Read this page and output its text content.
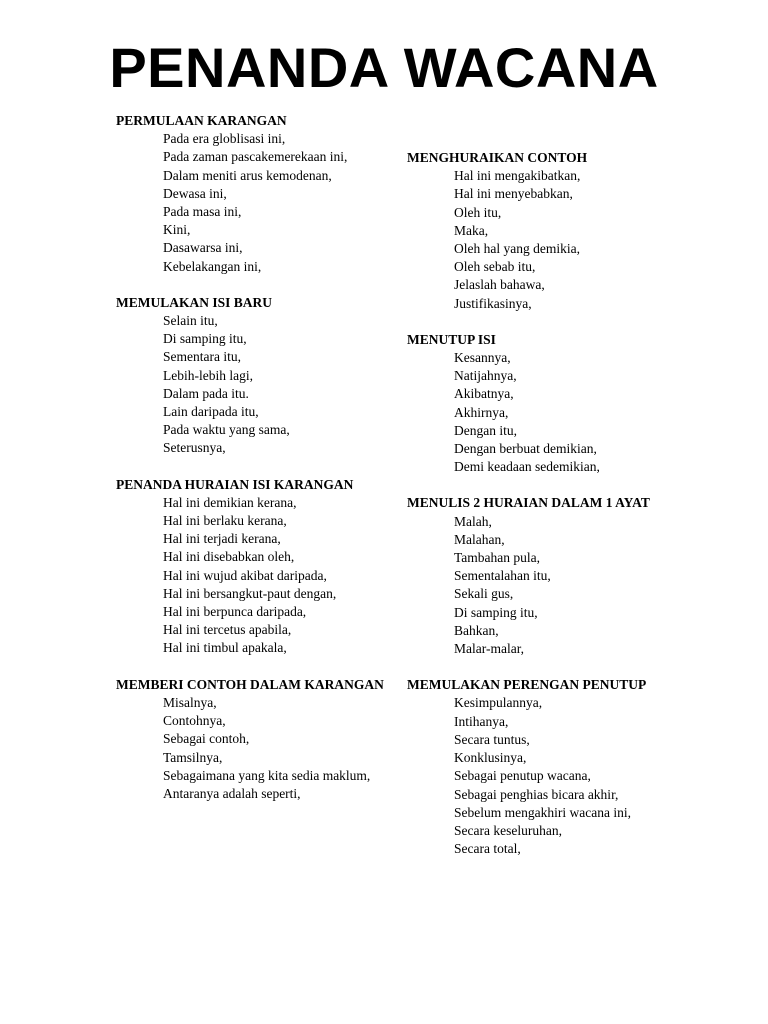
PENANDA WACANA
PERMULAAN KARANGAN
Pada era globlisasi ini,
Pada zaman pascakemerekaan ini,
Dalam meniti arus kemodenan,
Dewasa ini,
Pada masa ini,
Kini,
Dasawarsa ini,
Kebelakangan ini,
MEMULAKAN ISI BARU
Selain itu,
Di samping itu,
Sementara itu,
Lebih-lebih lagi,
Dalam pada itu.
Lain daripada itu,
Pada waktu yang sama,
Seterusnya,
PENANDA HURAIAN ISI KARANGAN
Hal ini demikian kerana,
Hal ini berlaku kerana,
Hal ini terjadi kerana,
Hal ini disebabkan oleh,
Hal ini wujud akibat daripada,
Hal ini bersangkut-paut dengan,
Hal ini berpunca daripada,
Hal ini tercetus apabila,
Hal ini timbul apakala,
MEMBERI CONTOH DALAM KARANGAN
Misalnya,
Contohnya,
Sebagai contoh,
Tamsilnya,
Sebagaimana yang kita sedia maklum,
Antaranya adalah seperti,
MENGHURAIKAN CONTOH
Hal ini mengakibatkan,
Hal ini menyebabkan,
Oleh itu,
Maka,
Oleh hal yang demikia,
Oleh sebab itu,
Jelaslah bahawa,
Justifikasinya,
MENUTUP ISI
Kesannya,
Natijahnya,
Akibatnya,
Akhirnya,
Dengan itu,
Dengan berbuat demikian,
Demi keadaan sedemikian,
MENULIS 2 HURAIAN DALAM 1 AYAT
Malah,
Malahan,
Tambahan pula,
Sementalahan itu,
Sekali gus,
Di samping itu,
Bahkan,
Malar-malar,
MEMULAKAN PERENGAN PENUTUP
Kesimpulannya,
Intihanya,
Secara tuntus,
Konklusinya,
Sebagai penutup wacana,
Sebagai penghias bicara akhir,
Sebelum mengakhiri wacana ini,
Secara keseluruhan,
Secara total,
